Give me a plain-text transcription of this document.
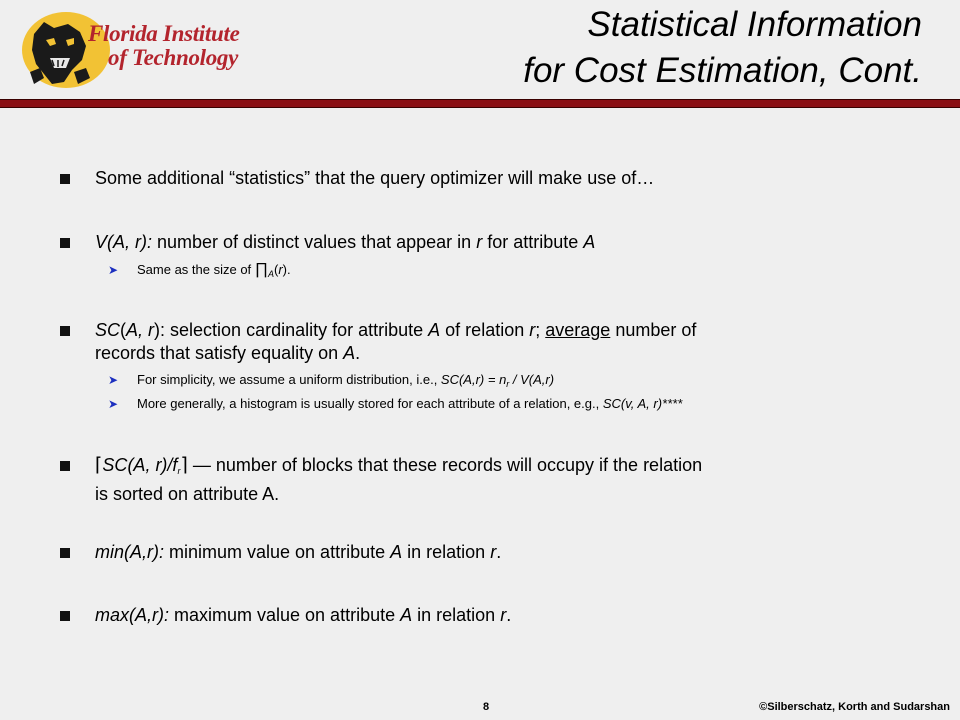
Florida Institute
of Technology
Statistical Information
for Cost Estimation, Cont.
Some additional “statistics” that the query optimizer will make use of…
V(A, r): number of distinct values that appear in r for attribute A
➤ Same as the size of $\prod_A(r)$.
SC(A, r): selection cardinality for attribute A of relation r; average number of
records that satisfy equality on A.
➤ For simplicity, we assume a uniform distribution, i.e., $SC(A,r) = n_r / V(A,r)$
➤ More generally, a histogram is usually stored for each attribute of a relation, e.g., SC(v, A, r)****
⌈SC(A, r)/fr⌉ — number of blocks that these records will occupy if the relation
is sorted on attribute A.
min(A,r): minimum value on attribute A in relation r.
max(A,r): maximum value on attribute A in relation r.
8	©Silberschatz, Korth and Sudarshan
